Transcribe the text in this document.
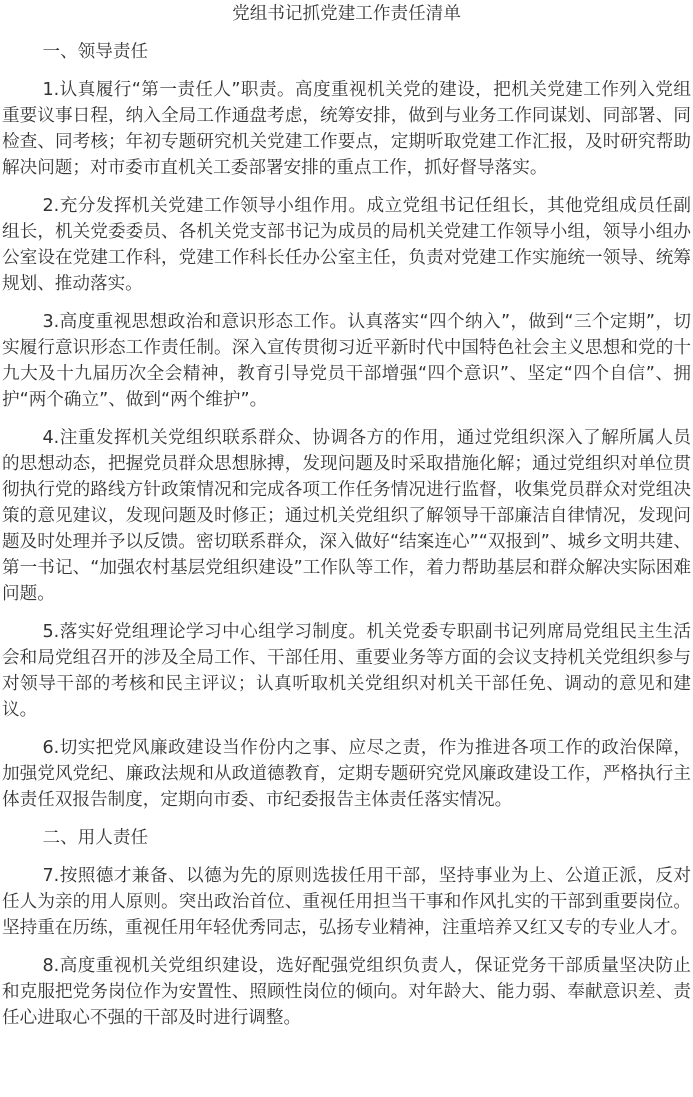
党组书记抓党建工作责任清单

一、领导责任

1.认真履行“第一责任人”职责。高度重视机关党的建设，把机关党建工作列入党组重要议事日程，纳入全局工作通盘考虑，统筹安排，做到与业务工作同谋划、同部署、同检查、同考核；年初专题研究机关党建工作要点，定期听取党建工作汇报，及时研究帮助解决问题；对市委市直机关工委部署安排的重点工作，抓好督导落实。

2.充分发挥机关党建工作领导小组作用。成立党组书记任组长，其他党组成员任副组长，机关党委委员、各机关党支部书记为成员的局机关党建工作领导小组，领导小组办公室设在党建工作科，党建工作科长任办公室主任，负责对党建工作实施统一领导、统筹规划、推动落实。

3.高度重视思想政治和意识形态工作。认真落实“四个纳入”，做到“三个定期”，切实履行意识形态工作责任制。深入宣传贯彻习近平新时代中国特色社会主义思想和党的十九大及十九届历次全会精神，教育引导党员干部增强“四个意识”、坚定“四个自信”、拥护“两个确立”、做到“两个维护”。

4.注重发挥机关党组织联系群众、协调各方的作用，通过党组织深入了解所属人员的思想动态，把握党员群众思想脉搏，发现问题及时采取措施化解；通过党组织对单位贯彻执行党的路线方针政策情况和完成各项工作任务情况进行监督，收集党员群众对党组决策的意见建议，发现问题及时修正；通过机关党组织了解领导干部廉洁自律情况，发现问题及时处理并予以反馈。密切联系群众，深入做好“结案连心”“双报到”、城乡文明共建、第一书记、“加强农村基层党组织建设”工作队等工作，着力帮助基层和群众解决实际困难问题。

5.落实好党组理论学习中心组学习制度。机关党委专职副书记列席局党组民主生活会和局党组召开的涉及全局工作、干部任用、重要业务等方面的会议支持机关党组织参与对领导干部的考核和民主评议；认真听取机关党组织对机关干部任免、调动的意见和建议。

6.切实把党风廉政建设当作份内之事、应尽之责，作为推进各项工作的政治保障，加强党风党纪、廉政法规和从政道德教育，定期专题研究党风廉政建设工作，严格执行主体责任双报告制度，定期向市委、市纪委报告主体责任落实情况。

二、用人责任

7.按照德才兼备、以德为先的原则选拔任用干部，坚持事业为上、公道正派，反对任人为亲的用人原则。突出政治首位、重视任用担当干事和作风扎实的干部到重要岗位。坚持重在历练，重视任用年轻优秀同志，弘扬专业精神，注重培养又红又专的专业人才。

8.高度重视机关党组织建设，选好配强党组织负责人，保证党务干部质量坚决防止和克服把党务岗位作为安置性、照顾性岗位的倾向。对年龄大、能力弱、奉献意识差、责任心进取心不强的干部及时进行调整。
